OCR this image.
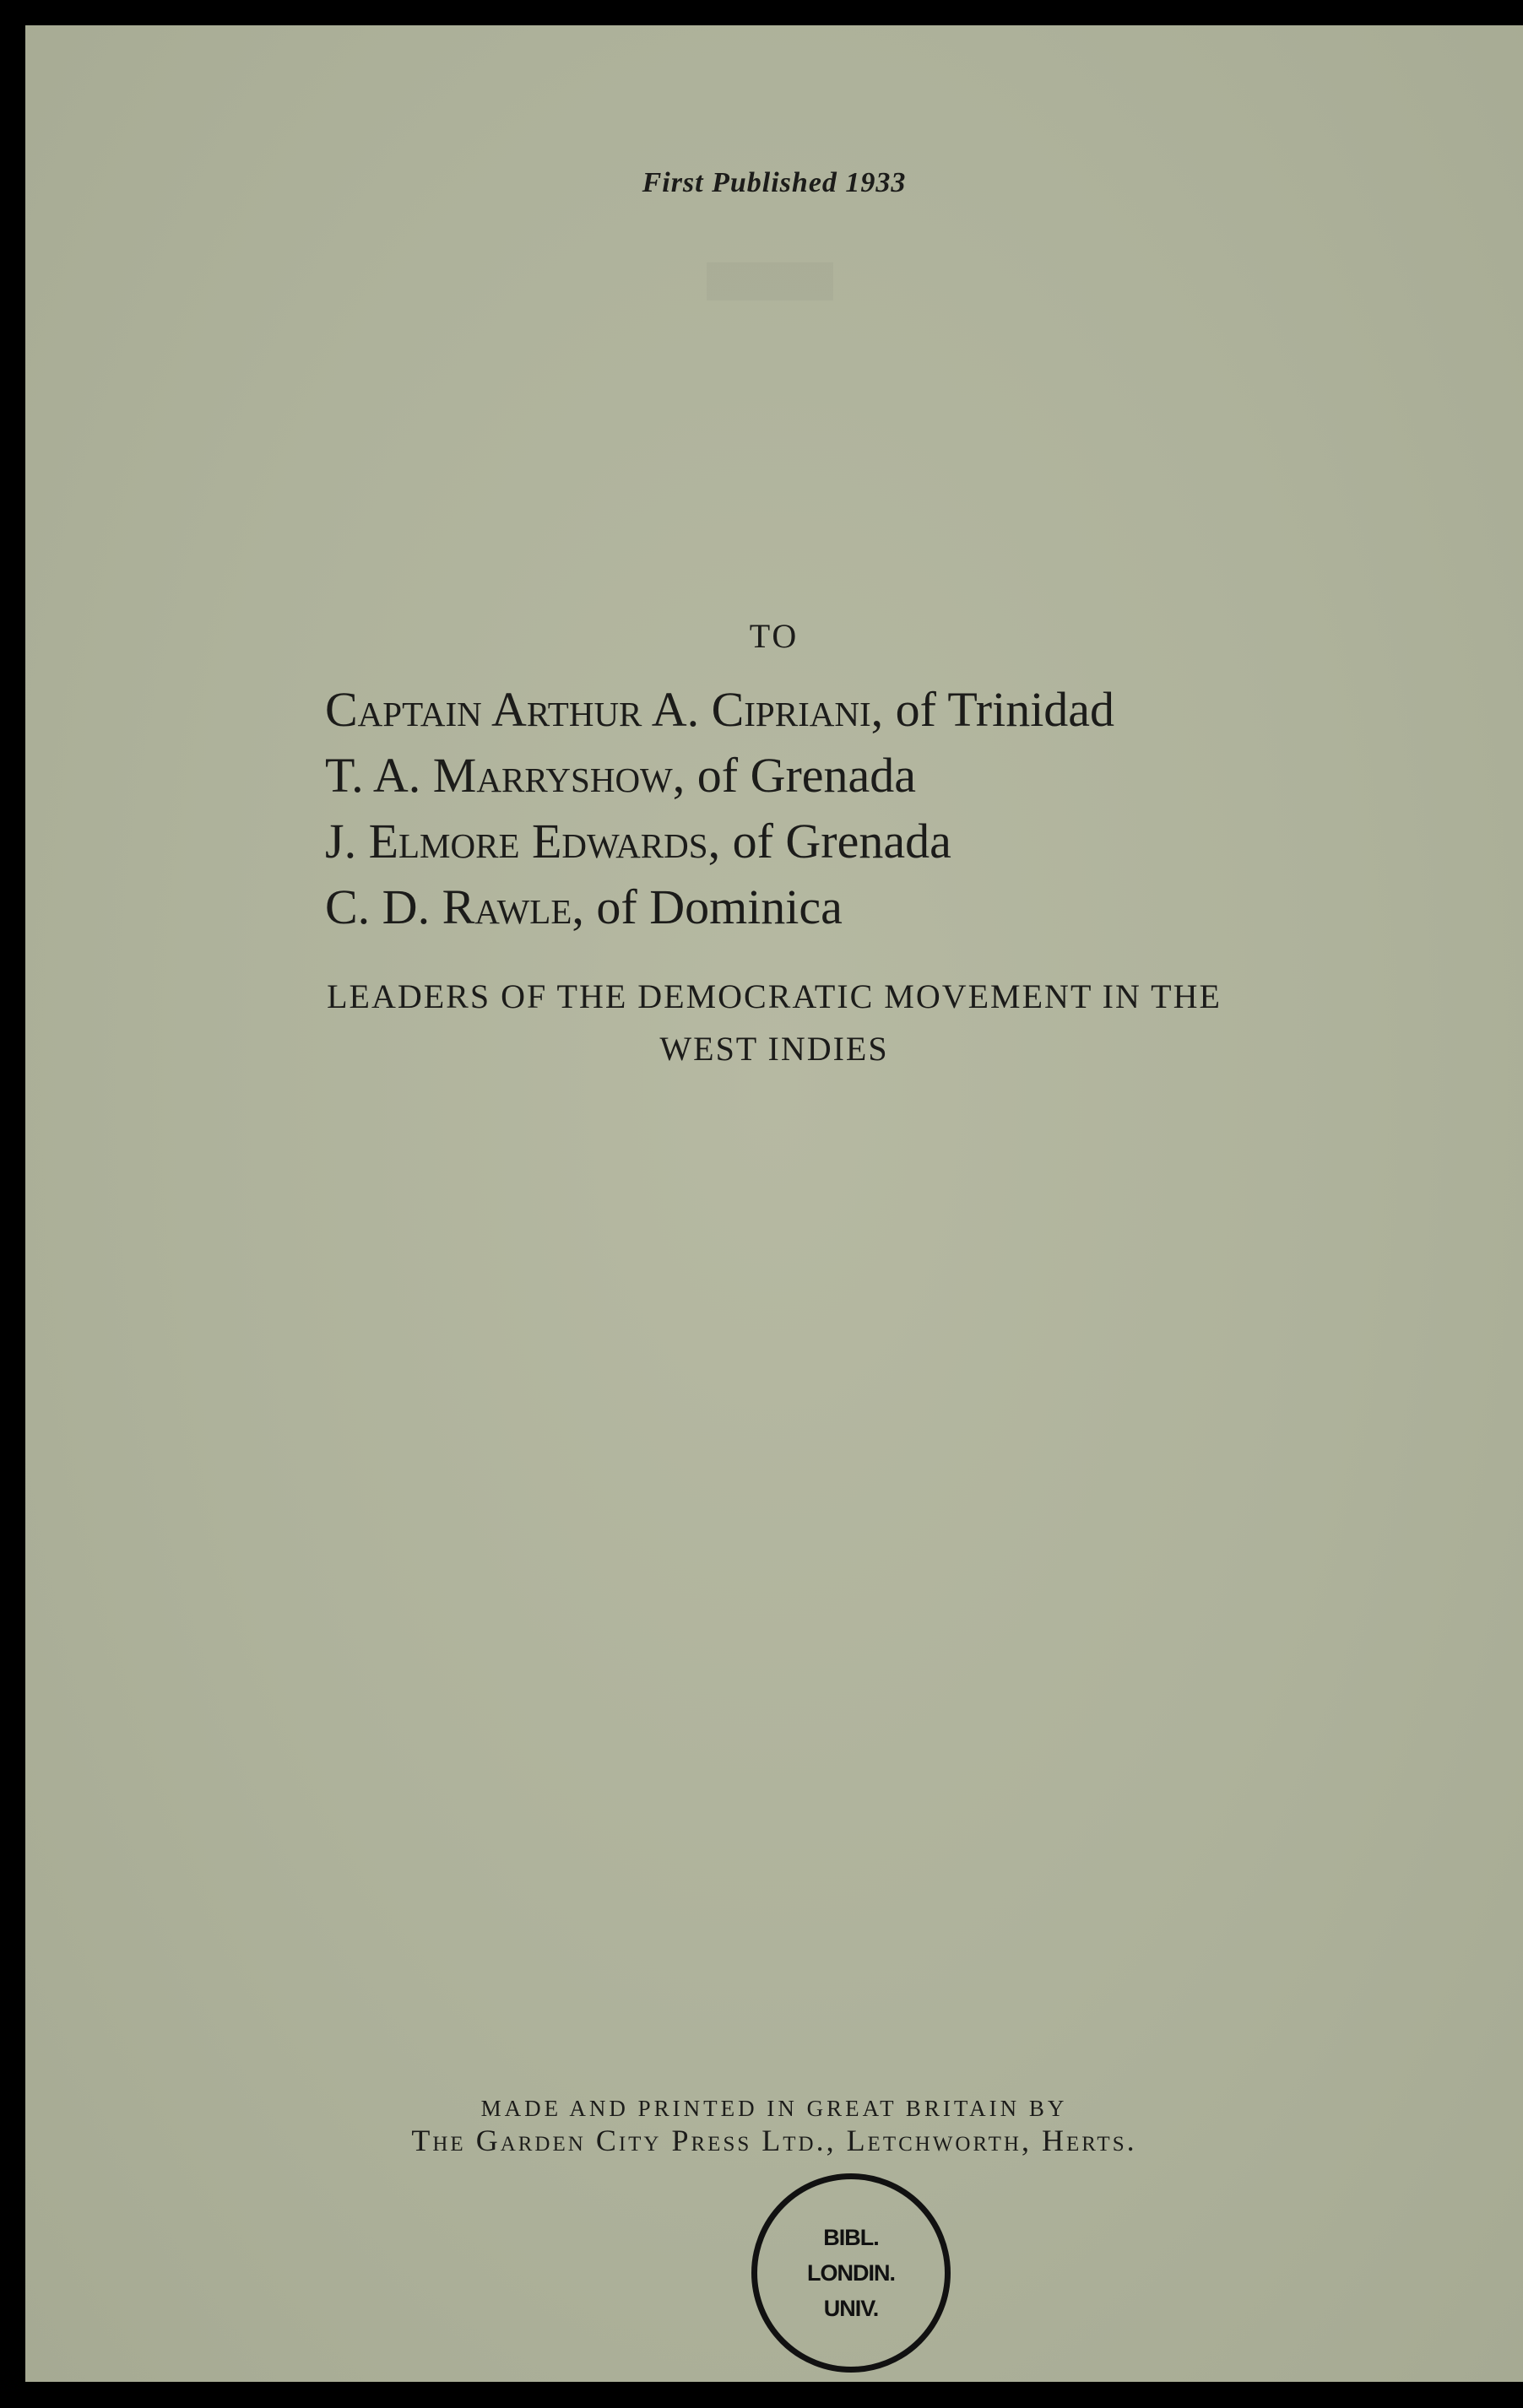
▬
First Published 1933
TO
Captain Arthur A. Cipriani, of Trinidad
T. A. Marryshow, of Grenada
J. Elmore Edwards, of Grenada
C. D. Rawle, of Dominica
LEADERS OF THE DEMOCRATIC MOVEMENT IN THE
WEST INDIES
MADE AND PRINTED IN GREAT BRITAIN BY
The Garden City Press Ltd., Letchworth, Herts.
BIBL.
LONDIN.
UNIV.
